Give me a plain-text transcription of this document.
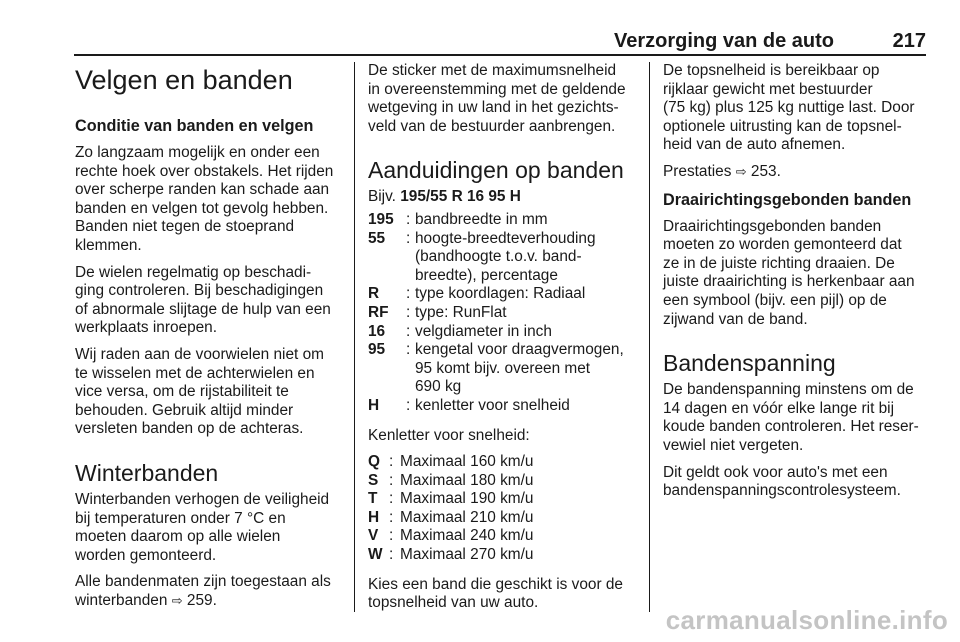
Verzorging van de auto	217
Velgen en banden
Conditie van banden en velgen

Zo langzaam mogelijk en onder een
rechte hoek over obstakels. Het rijden
over scherpe randen kan schade aan
banden en velgen tot gevolg hebben.
Banden niet tegen de stoeprand
klemmen.

De wielen regelmatig op beschadi‐
ging controleren. Bij beschadigingen
of abnormale slijtage de hulp van een
werkplaats inroepen.

Wij raden aan de voorwielen niet om
te wisselen met de achterwielen en
vice versa, om de rijstabiliteit te
behouden. Gebruik altijd minder
versleten banden op de achteras.

Winterbanden

Winterbanden verhogen de veiligheid
bij temperaturen onder 7 °C en
moeten daarom op alle wielen
worden gemonteerd.

Alle bandenmaten zijn toegestaan als
winterbanden ⇨ 259.

De sticker met de maximumsnelheid
in overeenstemming met de geldende
wetgeving in uw land in het gezichts‐
veld van de bestuurder aanbrengen.

Aanduidingen op banden
Bijv. 195/55 R 16 95 H
195 : bandbreedte in mm
55	: hoogte-breedteverhouding
(bandhoogte t.o.v. band‐
breedte), percentage
R	: type koordlagen: Radiaal
RF	: type: RunFlat
16	: velgdiameter in inch
95	: kengetal voor draagvermogen,
95 komt bijv. overeen met
690 kg
H	: kenletter voor snelheid

Kenletter voor snelheid:

Q : Maximaal 160 km/u
S : Maximaal 180 km/u
T : Maximaal 190 km/u
H : Maximaal 210 km/u
V : Maximaal 240 km/u
W : Maximaal 270 km/u

Kies een band die geschikt is voor de
topsnelheid van uw auto.

De topsnelheid is bereikbaar op
rijklaar gewicht met bestuurder
(75 kg) plus 125 kg nuttige last. Door
optionele uitrusting kan de topsnel‐
heid van de auto afnemen.

Prestaties ⇨ 253.

Draairichtingsgebonden banden

Draairichtingsgebonden banden
moeten zo worden gemonteerd dat
ze in de juiste richting draaien. De
juiste draairichting is herkenbaar aan
een symbool (bijv. een pijl) op de
zijwand van de band.

Bandenspanning

De bandenspanning minstens om de
14 dagen en vóór elke lange rit bij
koude banden controleren. Het reser‐
vewiel niet vergeten.

Dit geldt ook voor auto's met een
bandenspanningscontrolesysteem.

carmanualsonline.info
